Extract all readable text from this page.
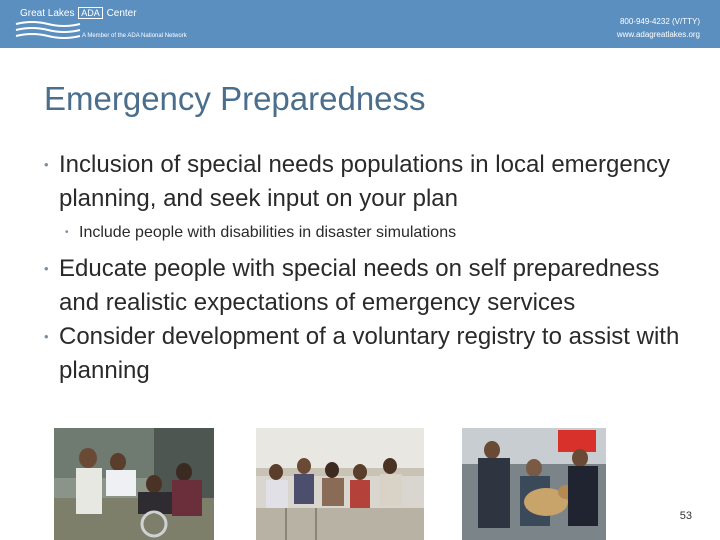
Great Lakes ADA Center
A Member of the ADA National Network
800-949-4232 (V/TTY)
www.adagreatlakes.org
Emergency Preparedness
• Inclusion of special needs populations in local emergency planning, and seek input on your plan
• Include people with disabilities in disaster simulations
• Educate people with special needs on self preparedness and realistic expectations of emergency services
• Consider development of a voluntary registry to assist with planning
53
